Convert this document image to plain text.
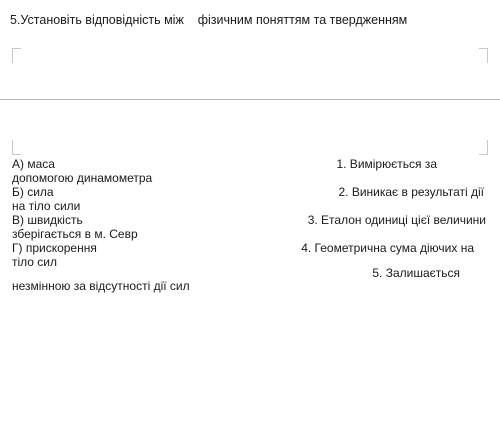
5.Установіть відповідність між    фізичним поняттям та твердженням
А) маса
допомогою динамометра
Б) сила
на тіло сили
В) швидкість
зберігається в м. Севр
Г) прискорення
тіло сил
незмінною за відсутності дії сил
1. Вимірюється за
2. Виникає в результаті дії
3. Еталон одиниці цієї величини
4. Геометрична сума діючих на
5. Залишається
